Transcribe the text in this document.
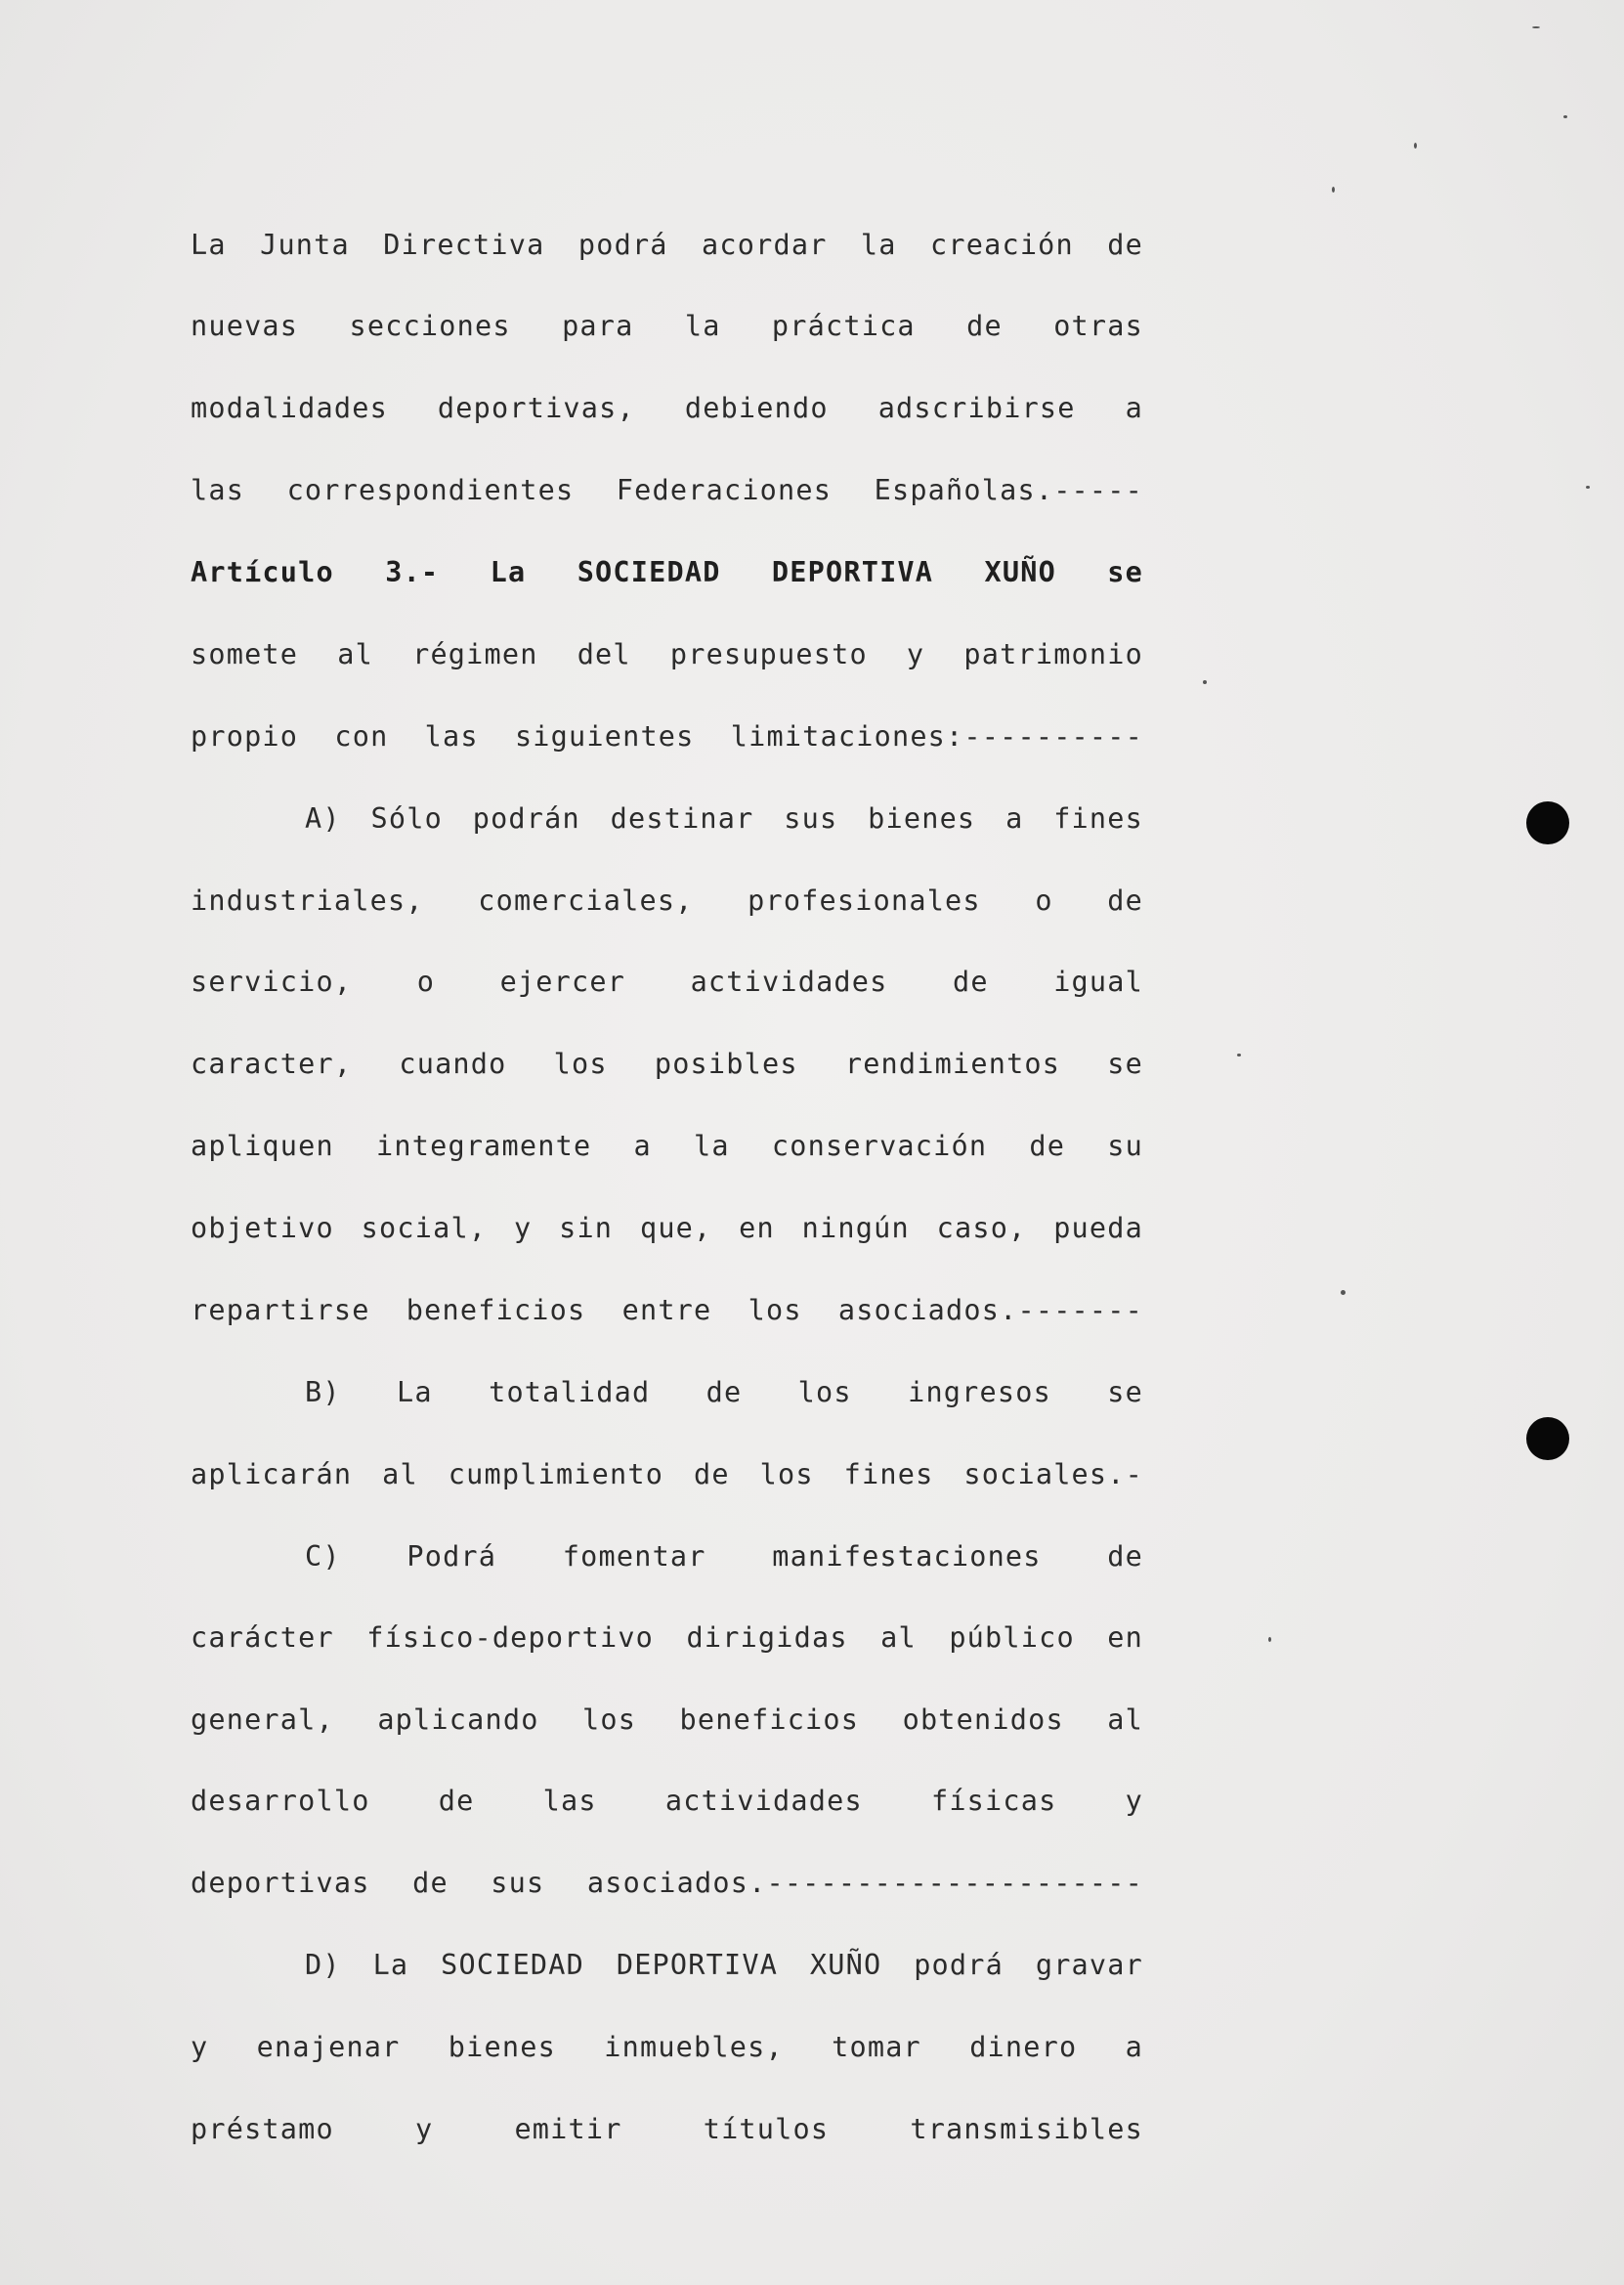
La Junta Directiva podrá acordar la creación de
nuevas secciones para la práctica de otras
modalidades deportivas, debiendo adscribirse a
las correspondientes Federaciones Españolas.-----
Artículo 3.- La SOCIEDAD DEPORTIVA XUÑO se
somete al régimen del presupuesto y patrimonio
propio con las siguientes limitaciones:----------
A) Sólo podrán destinar sus bienes a fines
industriales, comerciales, profesionales o de
servicio, o ejercer actividades de igual
caracter, cuando los posibles rendimientos se
apliquen integramente a la conservación de su
objetivo social, y sin que, en ningún caso, pueda
repartirse beneficios entre los asociados.-------
B) La totalidad de los ingresos se
aplicarán al cumplimiento de los fines sociales.-
C) Podrá fomentar manifestaciones de
carácter físico-deportivo dirigidas al público en
general, aplicando los beneficios obtenidos al
desarrollo de las actividades físicas y
deportivas de sus asociados.---------------------
D) La SOCIEDAD DEPORTIVA XUÑO podrá gravar
y enajenar bienes inmuebles, tomar dinero a
préstamo y emitir títulos transmisibles
